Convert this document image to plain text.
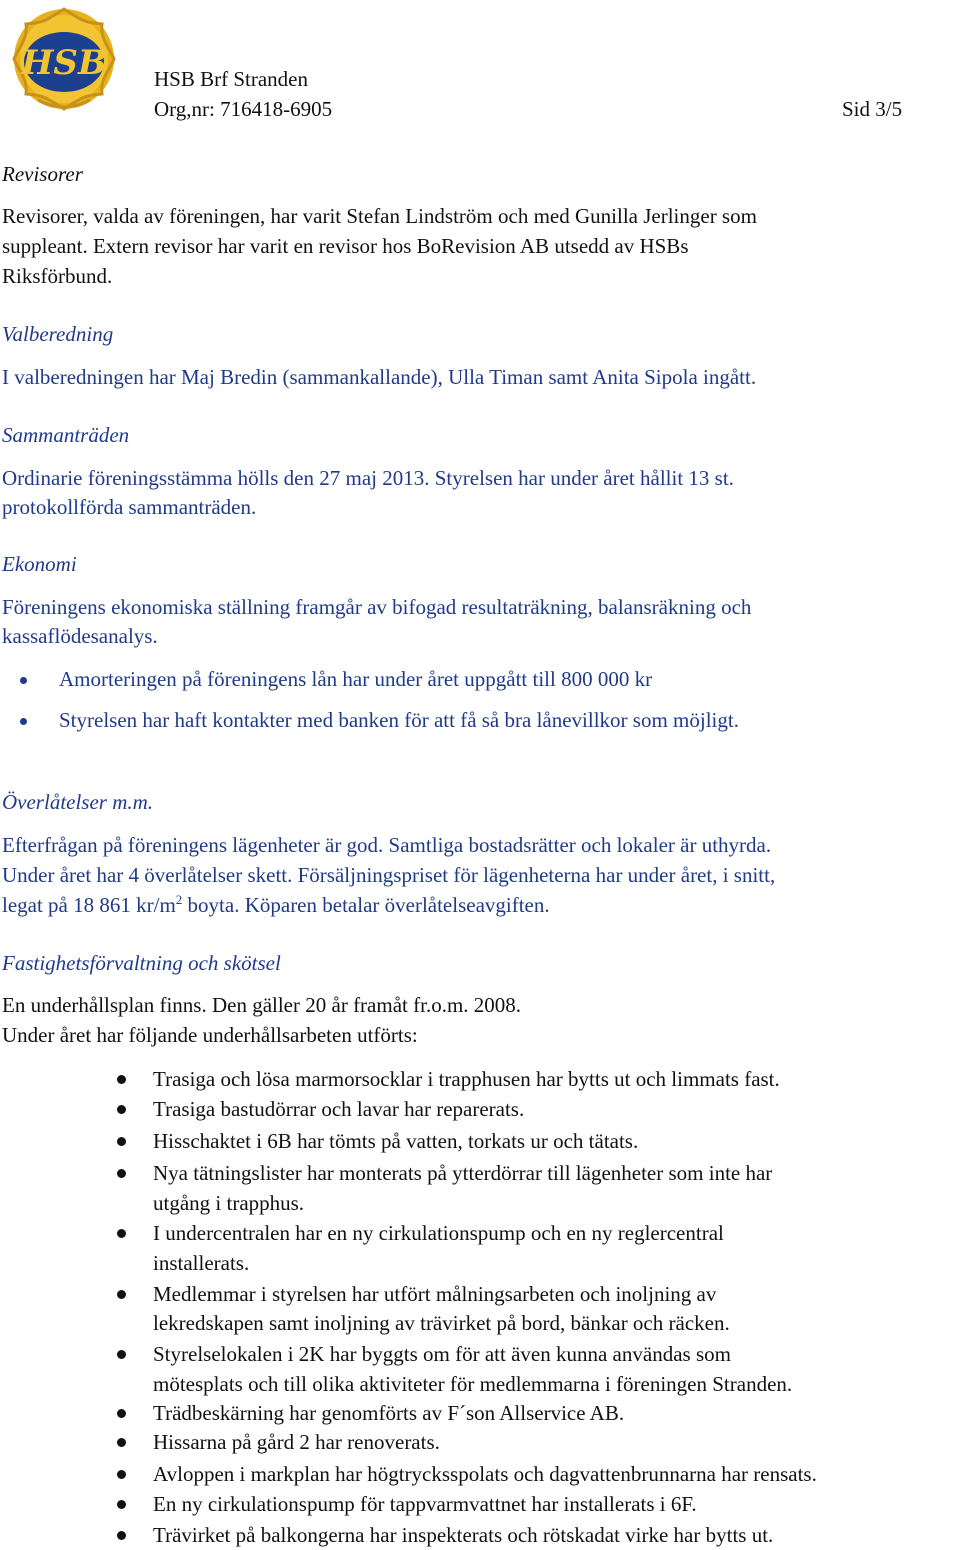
HSB HSB Brf Stranden
Org,nr: 716418-6905	Sid 3/5
Revisorer
Revisorer, valda av föreningen, har varit Stefan Lindström och med Gunilla Jerlinger som
suppleant. Extern revisor har varit en revisor hos BoRevision AB utsedd av HSBs
Riksförbund.
Valberedning
I valberedningen har Maj Bredin (sammankallande), Ulla Timan samt Anita Sipola ingått.
Sammanträden
Ordinarie föreningsstämma hölls den 27 maj 2013. Styrelsen har under året hållit 13 st.
protokollförda sammanträden.
Ekonomi
Föreningens ekonomiska ställning framgår av bifogad resultaträkning, balansräkning och
kassaflödesanalys.
Amorteringen på föreningens lån har under året uppgått till 800 000 kr
Styrelsen har haft kontakter med banken för att få så bra lånevillkor som möjligt.
Överlåtelser m.m.
Efterfrågan på föreningens lägenheter är god. Samtliga bostadsrätter och lokaler är uthyrda.
Under året har 4 överlåtelser skett. Försäljningspriset för lägenheterna har under året, i snitt,
legat på 18 861 $kr/m^2$ boyta. Köparen betalar överlåtelseavgiften.
Fastighetsförvaltning och skötsel
En underhållsplan finns. Den gäller 20 år framåt fr.o.m. 2008.
Under året har följande underhållsarbeten utförts:
Trasiga och lösa marmorsocklar i trapphusen har bytts ut och limmats fast.
Trasiga bastudörrar och lavar har reparerats.
Hisschaktet i 6B har tömts på vatten, torkats ur och tätats.
Nya tätningslister har monterats på ytterdörrar till lägenheter som inte har
utgång i trapphus.
I undercentralen har en ny cirkulationspump och en ny reglercentral
installerats.
Medlemmar i styrelsen har utfört målningsarbeten och inoljning av
lekredskapen samt inoljning av trävirket på bord, bänkar och räcken.
Styrelselokalen i 2K har byggts om för att även kunna användas som
mötesplats och till olika aktiviteter för medlemmarna i föreningen Stranden.
Trädbeskärning har genomförts av F´son Allservice AB.
Hissarna på gård 2 har renoverats.
Avloppen i markplan har högtrycksspolats och dagvattenbrunnarna har rensats.
En ny cirkulationspump för tappvarmvattnet har installerats i 6F.
Trävirket på balkongerna har inspekterats och rötskadat virke har bytts ut.
